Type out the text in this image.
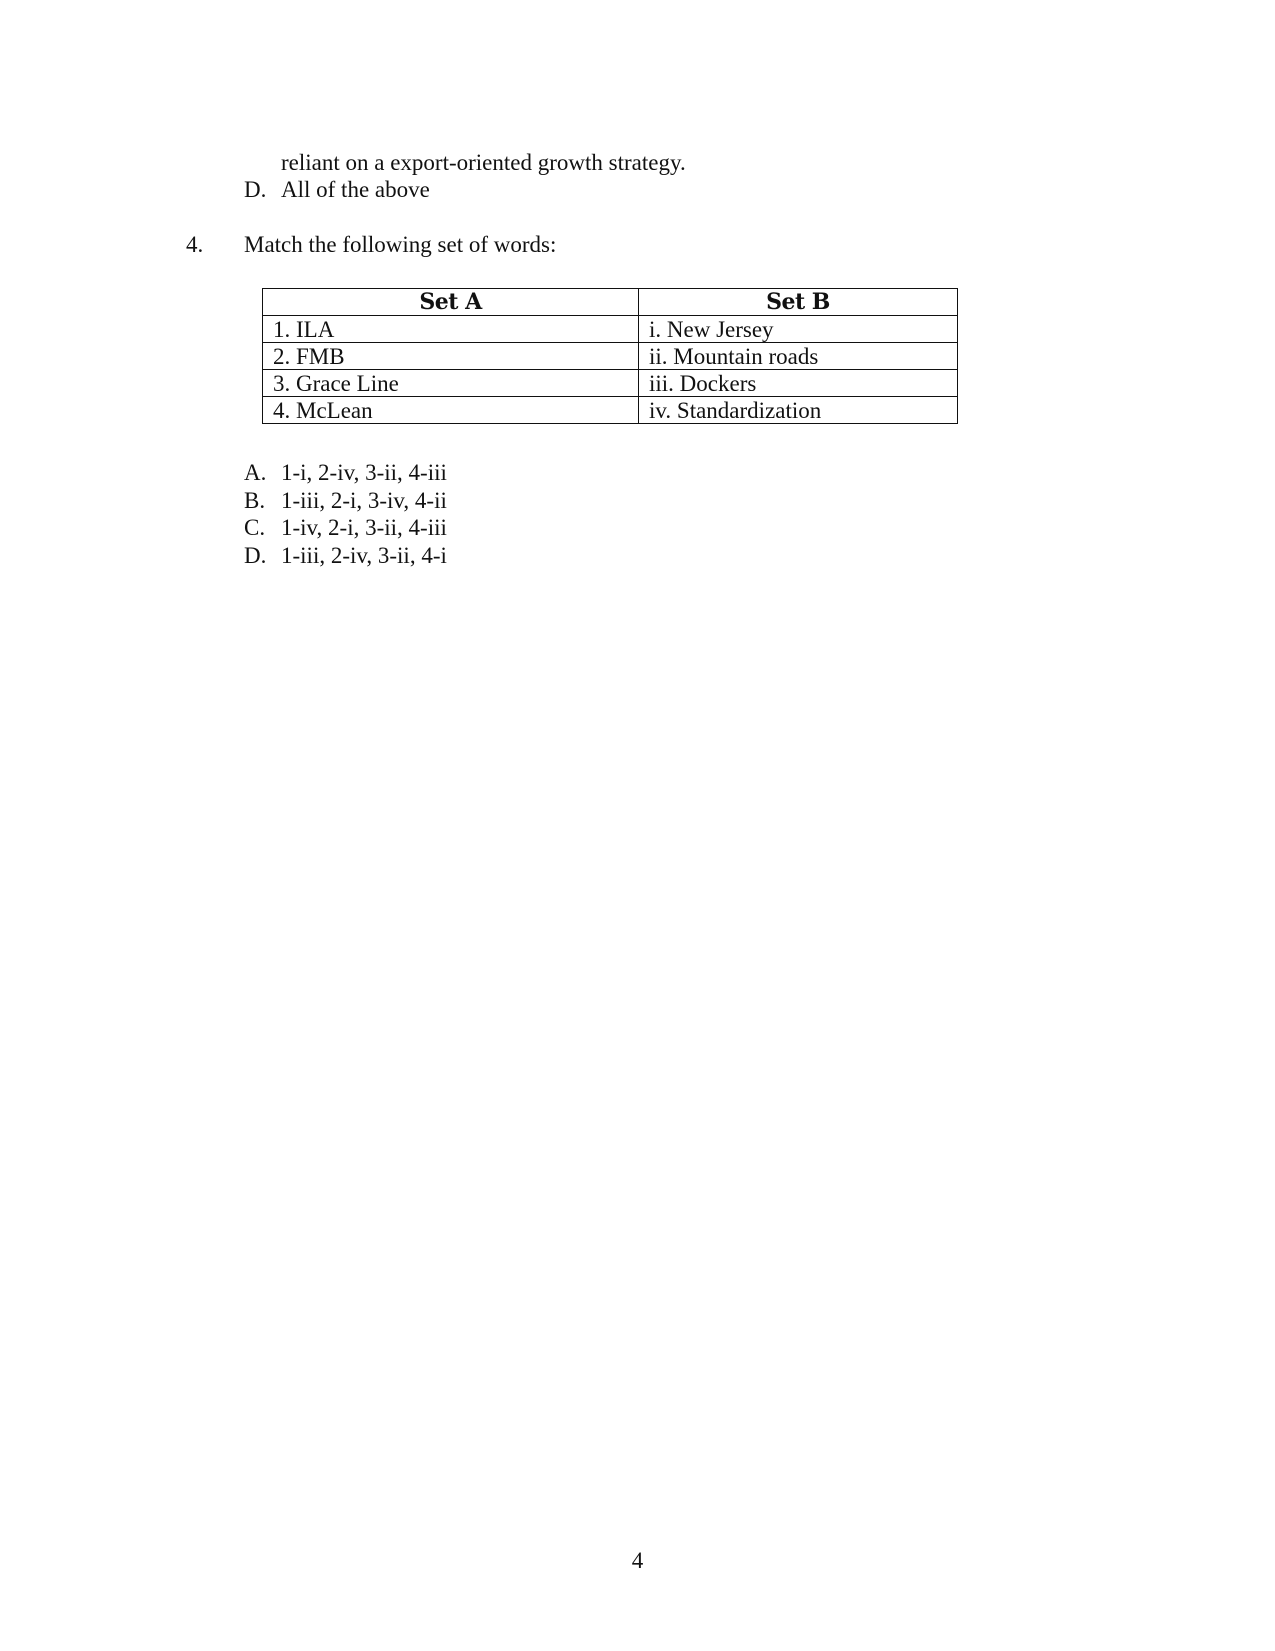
reliant on a export-oriented growth strategy.
D. All of the above
4. Match the following set of words:
Set A	Set B
1. ILA	i. New Jersey
2. FMB	ii. Mountain roads
3. Grace Line	iii. Dockers
4. McLean	iv. Standardization
A. 1-i, 2-iv, 3-ii, 4-iii
B. 1-iii, 2-i, 3-iv, 4-ii
C. 1-iv, 2-i, 3-ii, 4-iii
D. 1-iii, 2-iv, 3-ii, 4-i
4
